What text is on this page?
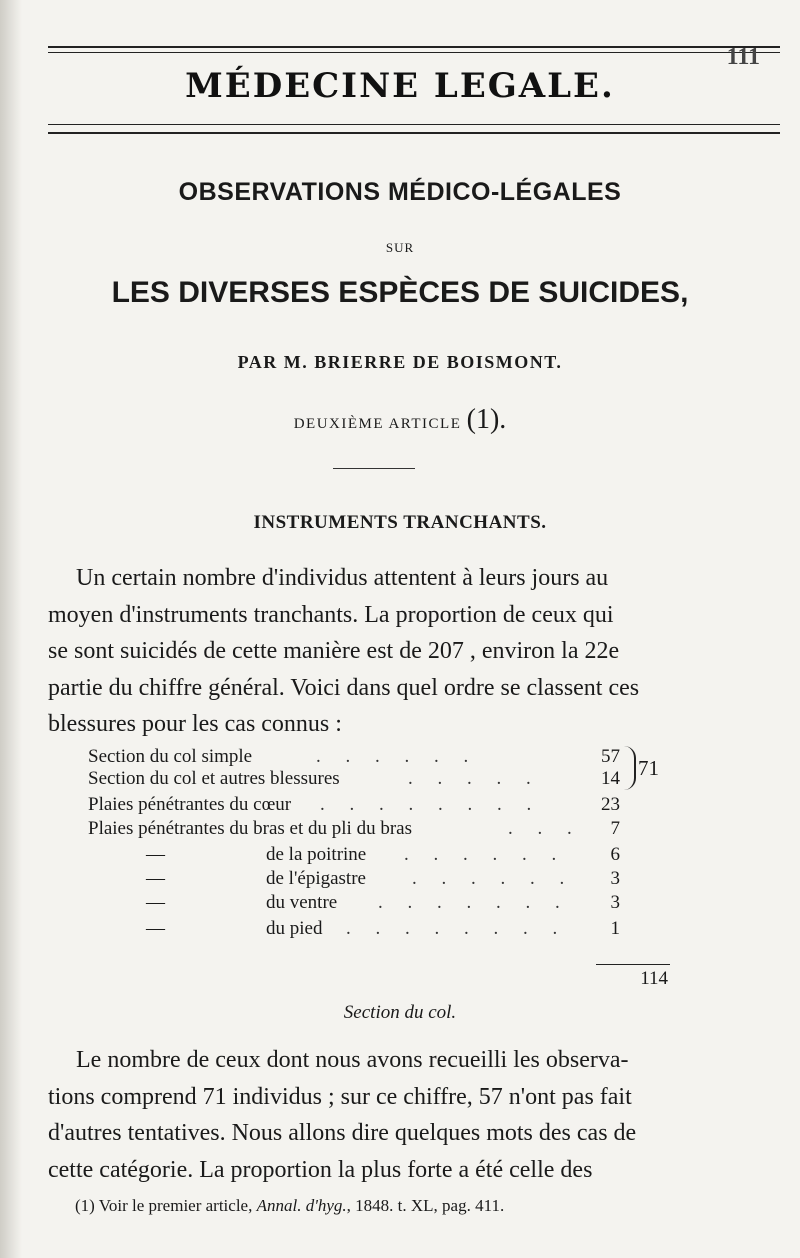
111
MÉDECINE LEGALE.
OBSERVATIONS MÉDICO-LÉGALES
SUR
LES DIVERSES ESPÈCES DE SUICIDES,
PAR M. BRIERRE DE BOISMONT.
DEUXIÈME ARTICLE (1).
INSTRUMENTS TRANCHANTS.
Un certain nombre d'individus attentent à leurs jours au
moyen d'instruments tranchants. La proportion de ceux qui
se sont suicidés de cette manière est de 207 , environ la 22e
partie du chiffre général. Voici dans quel ordre se classent ces
blessures pour les cas connus :
Section du col simple	. . . . . .	57
Section du col et autres blessures	. . . . .	14 71
Plaies pénétrantes du cœur . . . . . . . .	23
Plaies pénétrantes du bras et du pli du bras	. . .	7
—	de la poitrine . . . . . .	6
—	de l'épigastre . . . . . .	3
—	du ventre . . . . . . .	3
—	du pied . . . . . . . .	1
114
Section du col.
Le nombre de ceux dont nous avons recueilli les observa-
tions comprend 71 individus ; sur ce chiffre, 57 n'ont pas fait
d'autres tentatives. Nous allons dire quelques mots des cas de
cette catégorie. La proportion la plus forte a été celle des
(1) Voir le premier article, Annal. d'hyg., 1848. t. XL, pag. 411.
